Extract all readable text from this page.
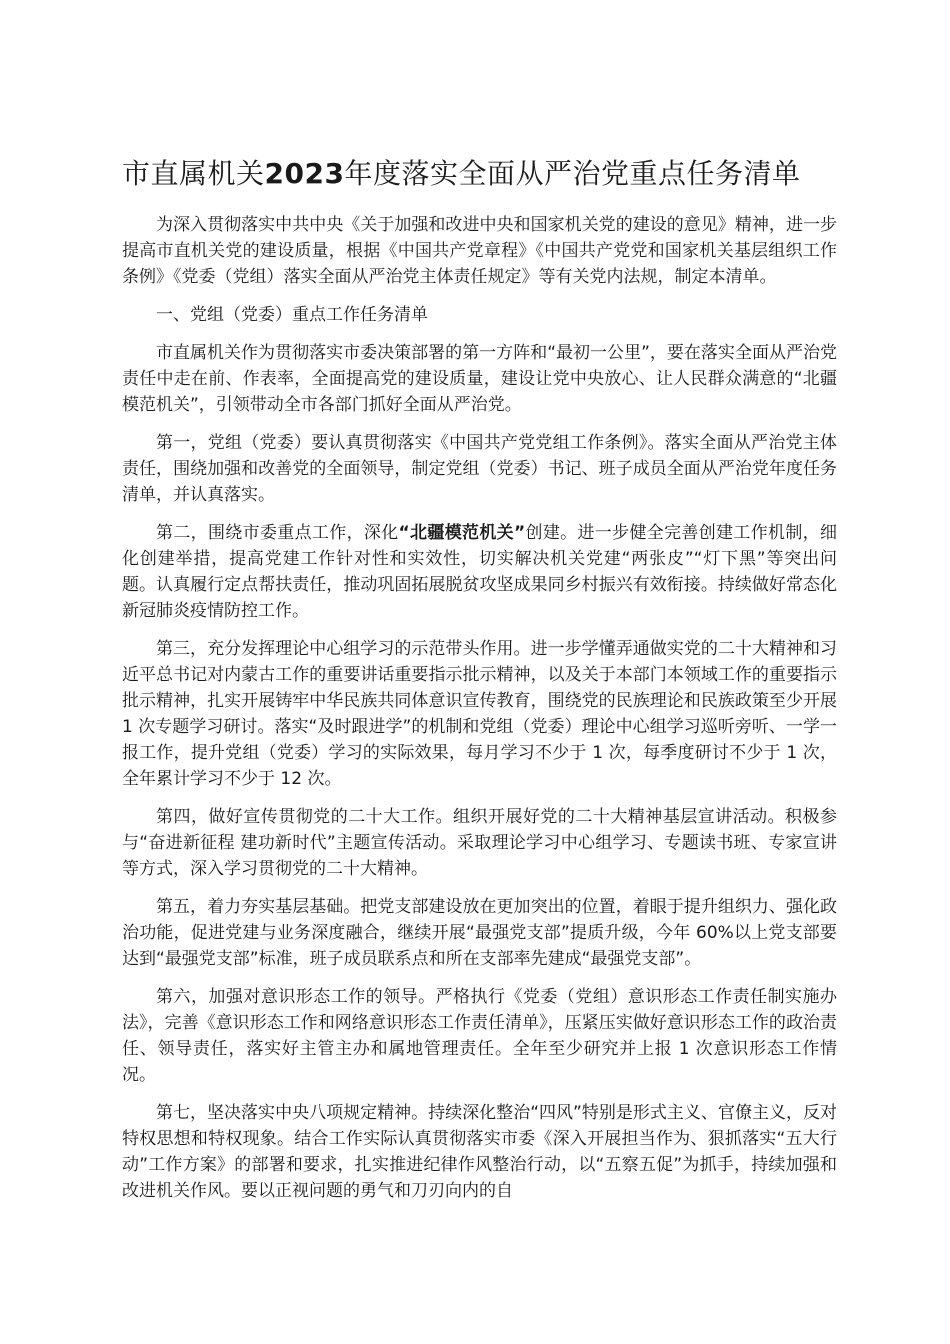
市直属机关2023年度落实全面从严治党重点任务清单

为深入贯彻落实中共中央《关于加强和改进中央和国家机关党的建设的意见》精神，进一步提高市直机关党的建设质量，根据《中国共产党章程》《中国共产党党和国家机关基层组织工作条例》《党委（党组）落实全面从严治党主体责任规定》等有关党内法规，制定本清单。

一、党组（党委）重点工作任务清单

市直属机关作为贯彻落实市委决策部署的第一方阵和“最初一公里”，要在落实全面从严治党责任中走在前、作表率，全面提高党的建设质量，建设让党中央放心、让人民群众满意的“北疆模范机关”，引领带动全市各部门抓好全面从严治党。

第一，党组（党委）要认真贯彻落实《中国共产党党组工作条例》。落实全面从严治党主体责任，围绕加强和改善党的全面领导，制定党组（党委）书记、班子成员全面从严治党年度任务清单，并认真落实。

第二，围绕市委重点工作，深化“北疆模范机关”创建。进一步健全完善创建工作机制，细化创建举措，提高党建工作针对性和实效性，切实解决机关党建“两张皮”“灯下黑”等突出问题。认真履行定点帮扶责任，推动巩固拓展脱贫攻坚成果同乡村振兴有效衔接。持续做好常态化新冠肺炎疫情防控工作。

第三，充分发挥理论中心组学习的示范带头作用。进一步学懂弄通做实党的二十大精神和习近平总书记对内蒙古工作的重要讲话重要指示批示精神，以及关于本部门本领域工作的重要指示批示精神，扎实开展铸牢中华民族共同体意识宣传教育，围绕党的民族理论和民族政策至少开展 1 次专题学习研讨。落实“及时跟进学”的机制和党组（党委）理论中心组学习巡听旁听、一学一报工作，提升党组（党委）学习的实际效果，每月学习不少于 1 次，每季度研讨不少于 1 次，全年累计学习不少于 12 次。

第四，做好宣传贯彻党的二十大工作。组织开展好党的二十大精神基层宣讲活动。积极参与“奋进新征程 建功新时代”主题宣传活动。采取理论学习中心组学习、专题读书班、专家宣讲等方式，深入学习贯彻党的二十大精神。

第五，着力夯实基层基础。把党支部建设放在更加突出的位置，着眼于提升组织力、强化政治功能，促进党建与业务深度融合，继续开展“最强党支部”提质升级，今年 60%以上党支部要达到“最强党支部”标准，班子成员联系点和所在支部率先建成“最强党支部”。

第六，加强对意识形态工作的领导。严格执行《党委（党组）意识形态工作责任制实施办法》，完善《意识形态工作和网络意识形态工作责任清单》，压紧压实做好意识形态工作的政治责任、领导责任，落实好主管主办和属地管理责任。全年至少研究并上报 1 次意识形态工作情况。

第七，坚决落实中央八项规定精神。持续深化整治“四风”特别是形式主义、官僚主义，反对特权思想和特权现象。结合工作实际认真贯彻落实市委《深入开展担当作为、狠抓落实“五大行动”工作方案》的部署和要求，扎实推进纪律作风整治行动，以“五察五促”为抓手，持续加强和改进机关作风。要以正视问题的勇气和刀刃向内的自
